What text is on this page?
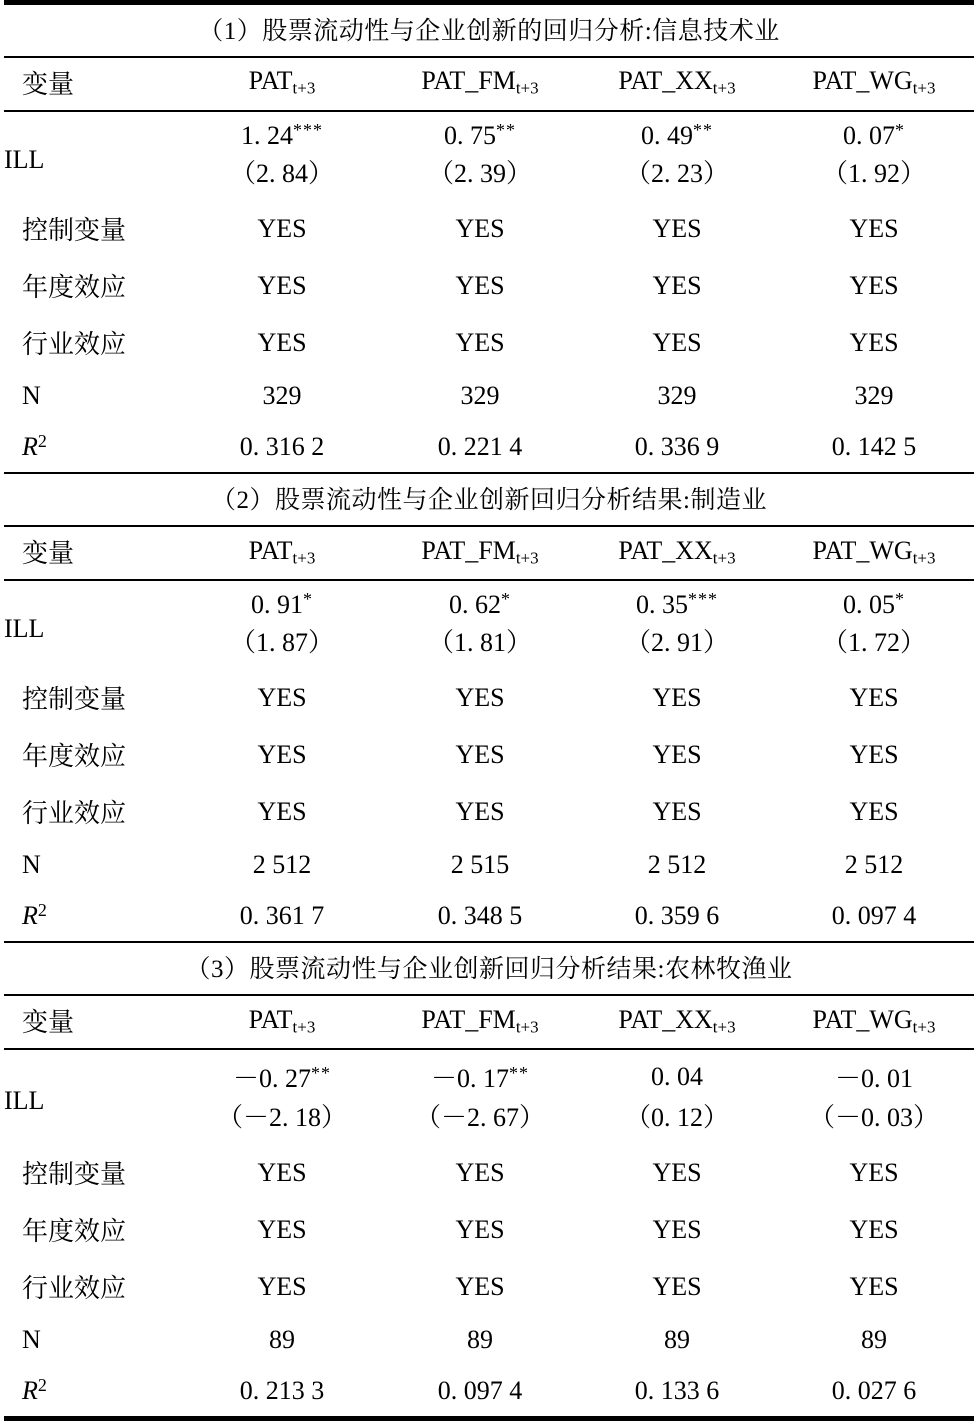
（1）股票流动性与企业创新的回归分析:信息技术业				

变量	$PAT_{t+3}$	$PAT\_FM_{t+3}$	$PAT\_XX_{t+3}$	$PAT\_WG_{t+3}$

ILL	1. 24***	0. 75**	0. 49**	0. 07*
	（2. 84）	（2. 39）	（2. 23）	（1. 92）
控制变量	YES	YES	YES	YES
年度效应	YES	YES	YES	YES
行业效应	YES	YES	YES	YES
N	329	329	329	329
$R^2$	0. 316 2	0. 221 4	0. 336 9	0. 142 5
（2）股票流动性与企业创新回归分析结果:制造业				

变量	$PAT_{t+3}$	$PAT\_FM_{t+3}$	$PAT\_XX_{t+3}$	$PAT\_WG_{t+3}$

ILL	0. 91*	0. 62*	0. 35***	0. 05*
	（1. 87）	（1. 81）	（2. 91）	（1. 72）
控制变量	YES	YES	YES	YES
年度效应	YES	YES	YES	YES
行业效应	YES	YES	YES	YES
N	2 512	2 515	2 512	2 512
$R^2$	0. 361 7	0. 348 5	0. 359 6	0. 097 4
（3）股票流动性与企业创新回归分析结果:农林牧渔业				

变量	$PAT_{t+3}$	$PAT\_FM_{t+3}$	$PAT\_XX_{t+3}$	$PAT\_WG_{t+3}$

ILL	－0. 27**	－0. 17**	0. 04	－0. 01
	（－2. 18）	（－2. 67）	（0. 12）	（－0. 03）
控制变量	YES	YES	YES	YES
年度效应	YES	YES	YES	YES
行业效应	YES	YES	YES	YES
N	89	89	89	89
$R^2$	0. 213 3	0. 097 4	0. 133 6	0. 027 6
